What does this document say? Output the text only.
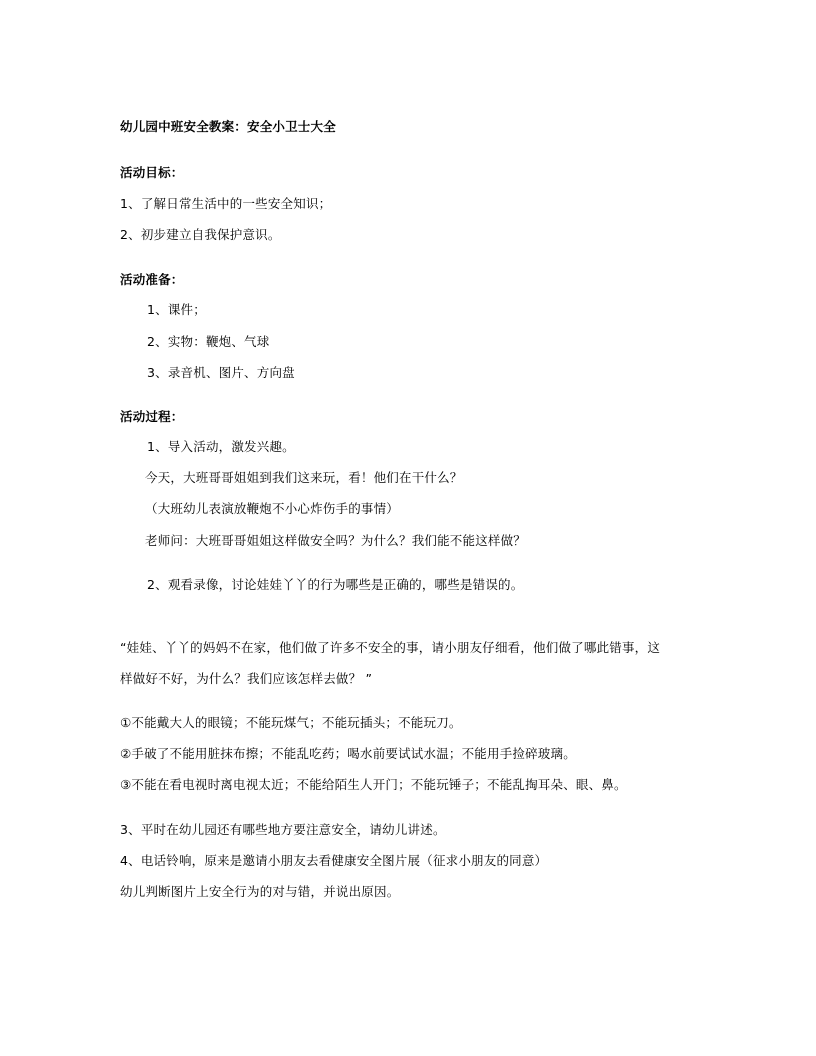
幼儿园中班安全教案：安全小卫士大全
活动目标：
1、了解日常生活中的一些安全知识；
2、初步建立自我保护意识。
活动准备：
1、课件；
2、实物：鞭炮、气球
3、录音机、图片、方向盘
活动过程：
1、导入活动，激发兴趣。
今天，大班哥哥姐姐到我们这来玩，看！他们在干什么？
（大班幼儿表演放鞭炮不小心炸伤手的事情）
老师问：大班哥哥姐姐这样做安全吗？为什么？我们能不能这样做？
2、观看录像，讨论娃娃丫丫的行为哪些是正确的，哪些是错误的。
“娃娃、丫丫的妈妈不在家，他们做了许多不安全的事，请小朋友仔细看，他们做了哪此错事，这
样做好不好，为什么？我们应该怎样去做？ ”
①不能戴大人的眼镜；不能玩煤气；不能玩插头；不能玩刀。
②手破了不能用脏抹布擦；不能乱吃药；喝水前要试试水温；不能用手捡碎玻璃。
③不能在看电视时离电视太近；不能给陌生人开门；不能玩锤子；不能乱掏耳朵、眼、鼻。
3、平时在幼儿园还有哪些地方要注意安全，请幼儿讲述。
4、电话铃响，原来是邀请小朋友去看健康安全图片展（征求小朋友的同意）
幼儿判断图片上安全行为的对与错，并说出原因。
